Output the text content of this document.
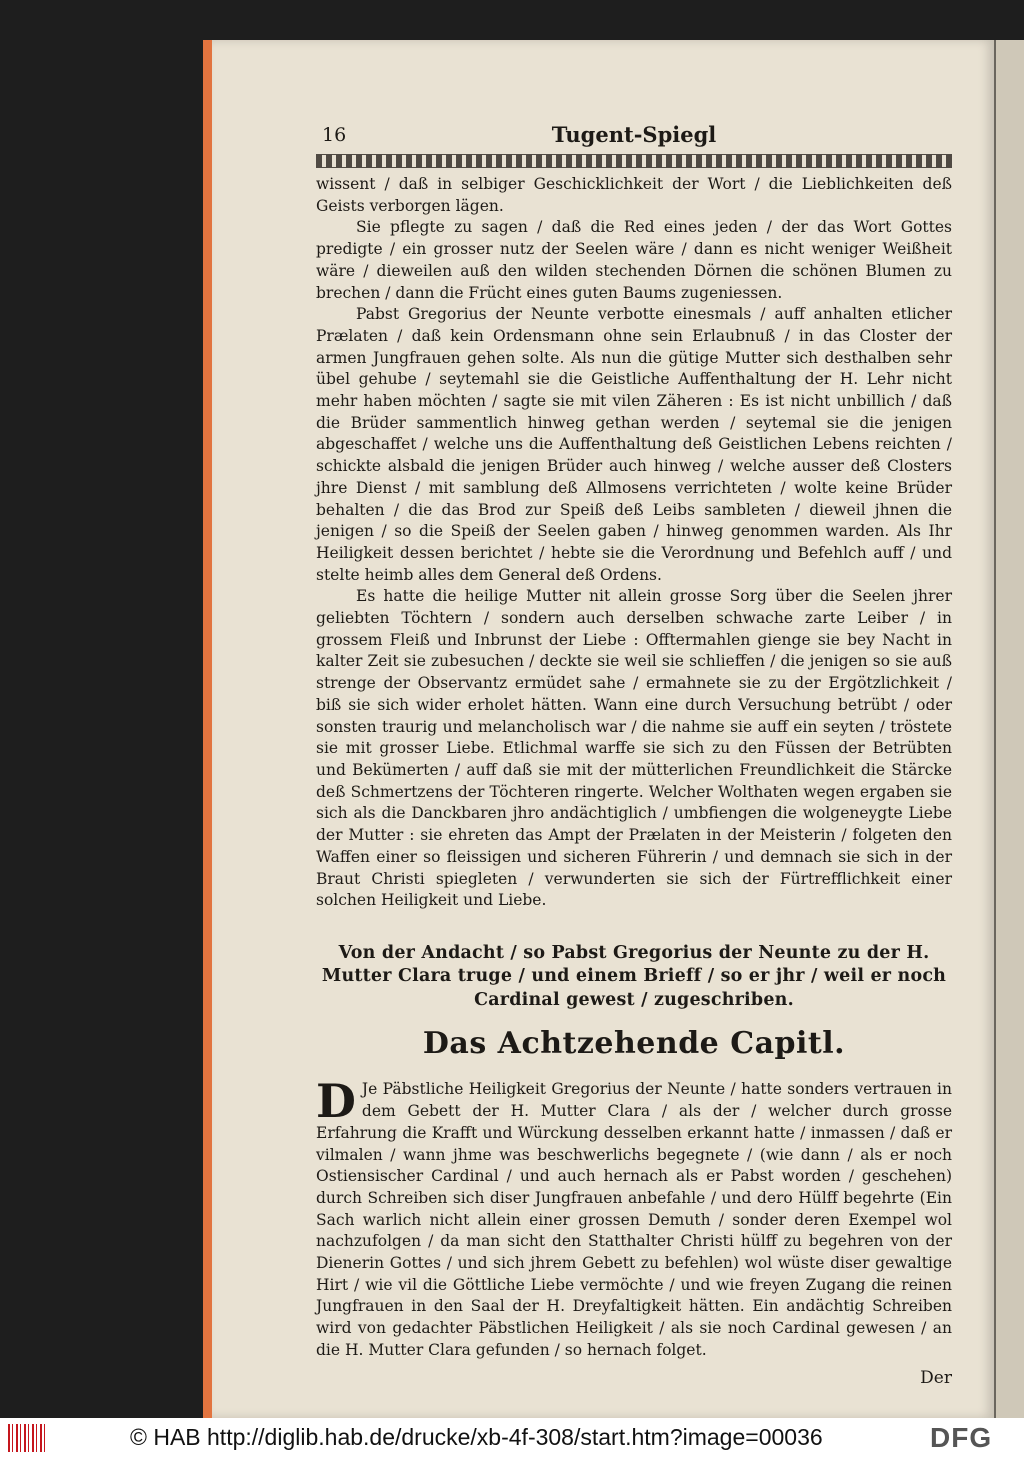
16	Tugent-Spiegl

wissent / daß in selbiger Geschicklichkeit der Wort / die Lieblichkeiten deß Geists verborgen lägen.

Sie pflegte zu sagen / daß die Red eines jeden / der das Wort Gottes predigte / ein grosser nutz der Seelen wäre / dann es nicht weniger Weißheit wäre / dieweilen auß den wilden stechenden Dörnen die schönen Blumen zu brechen / dann die Frücht eines guten Baums zugeniessen.

Pabst Gregorius der Neunte verbotte einesmals / auff anhalten etlicher Prælaten / daß kein Ordensmann ohne sein Erlaubnuß / in das Closter der armen Jungfrauen gehen solte. Als nun die gütige Mutter sich desthalben sehr übel gehube / seytemahl sie die Geistliche Auffenthaltung der H. Lehr nicht mehr haben möchten / sagte sie mit vilen Zäheren : Es ist nicht unbillich / daß die Brüder sammentlich hinweg gethan werden / seytemal sie die jenigen abgeschaffet / welche uns die Auffenthaltung deß Geistlichen Lebens reichten / schickte alsbald die jenigen Brüder auch hinweg / welche ausser deß Closters jhre Dienst / mit samblung deß Allmosens verrichteten / wolte keine Brüder behalten / die das Brod zur Speiß deß Leibs sambleten / dieweil jhnen die jenigen / so die Speiß der Seelen gaben / hinweg genommen warden. Als Ihr Heiligkeit dessen berichtet / hebte sie die Verordnung und Befehlch auff / und stelte heimb alles dem General deß Ordens.

Es hatte die heilige Mutter nit allein grosse Sorg über die Seelen jhrer geliebten Töchtern / sondern auch derselben schwache zarte Leiber / in grossem Fleiß und Inbrunst der Liebe : Offtermahlen gienge sie bey Nacht in kalter Zeit sie zubesuchen / deckte sie weil sie schlieffen / die jenigen so sie auß strenge der Observantz ermüdet sahe / ermahnete sie zu der Ergötzlichkeit / biß sie sich wider erholet hätten. Wann eine durch Versuchung betrübt / oder sonsten traurig und melancholisch war / die nahme sie auff ein seyten / tröstete sie mit grosser Liebe. Etlichmal warffe sie sich zu den Füssen der Betrübten und Bekümerten / auff daß sie mit der mütterlichen Freundlichkeit die Stärcke deß Schmertzens der Töchteren ringerte. Welcher Wolthaten wegen ergaben sie sich als die Danckbaren jhro andächtiglich / umbfiengen die wolgeneygte Liebe der Mutter : sie ehreten das Ampt der Prælaten in der Meisterin / folgeten den Waffen einer so fleissigen und sicheren Führerin / und demnach sie sich in der Braut Christi spiegleten / verwunderten sie sich der Fürtrefflichkeit einer solchen Heiligkeit und Liebe.

Von der Andacht / so Pabst Gregorius der Neunte zu der H. Mutter Clara truge / und einem Brieff / so er jhr / weil er noch Cardinal gewest / zugeschriben.
Das Achtzehende Capitl.

D Je Päbstliche Heiligkeit Gregorius der Neunte / hatte sonders vertrauen in dem Gebett der H. Mutter Clara / als der / welcher durch grosse Erfahrung die Krafft und Würckung desselben erkannt hatte / inmassen / daß er vilmalen / wann jhme was beschwerlichs begegnete / (wie dann / als er noch Ostiensischer Cardinal / und auch hernach als er Pabst worden / geschehen) durch Schreiben sich diser Jungfrauen anbefahle / und dero Hülff begehrte (Ein Sach warlich nicht allein einer grossen Demuth / sonder deren Exempel wol nachzufolgen / da man sicht den Statthalter Christi hülff zu begehren von der Dienerin Gottes / und sich jhrem Gebett zu befehlen) wol wüste diser gewaltige Hirt / wie vil die Göttliche Liebe vermöchte / und wie freyen Zugang die reinen Jungfrauen in den Saal der H. Dreyfaltigkeit hätten. Ein andächtig Schreiben wird von gedachter Päbstlichen Heiligkeit / als sie noch Cardinal gewesen / an die H. Mutter Clara gefunden / so hernach folget.

Der
© HAB http://diglib.hab.de/drucke/xb-4f-308/start.htm?image=00036	DFG
